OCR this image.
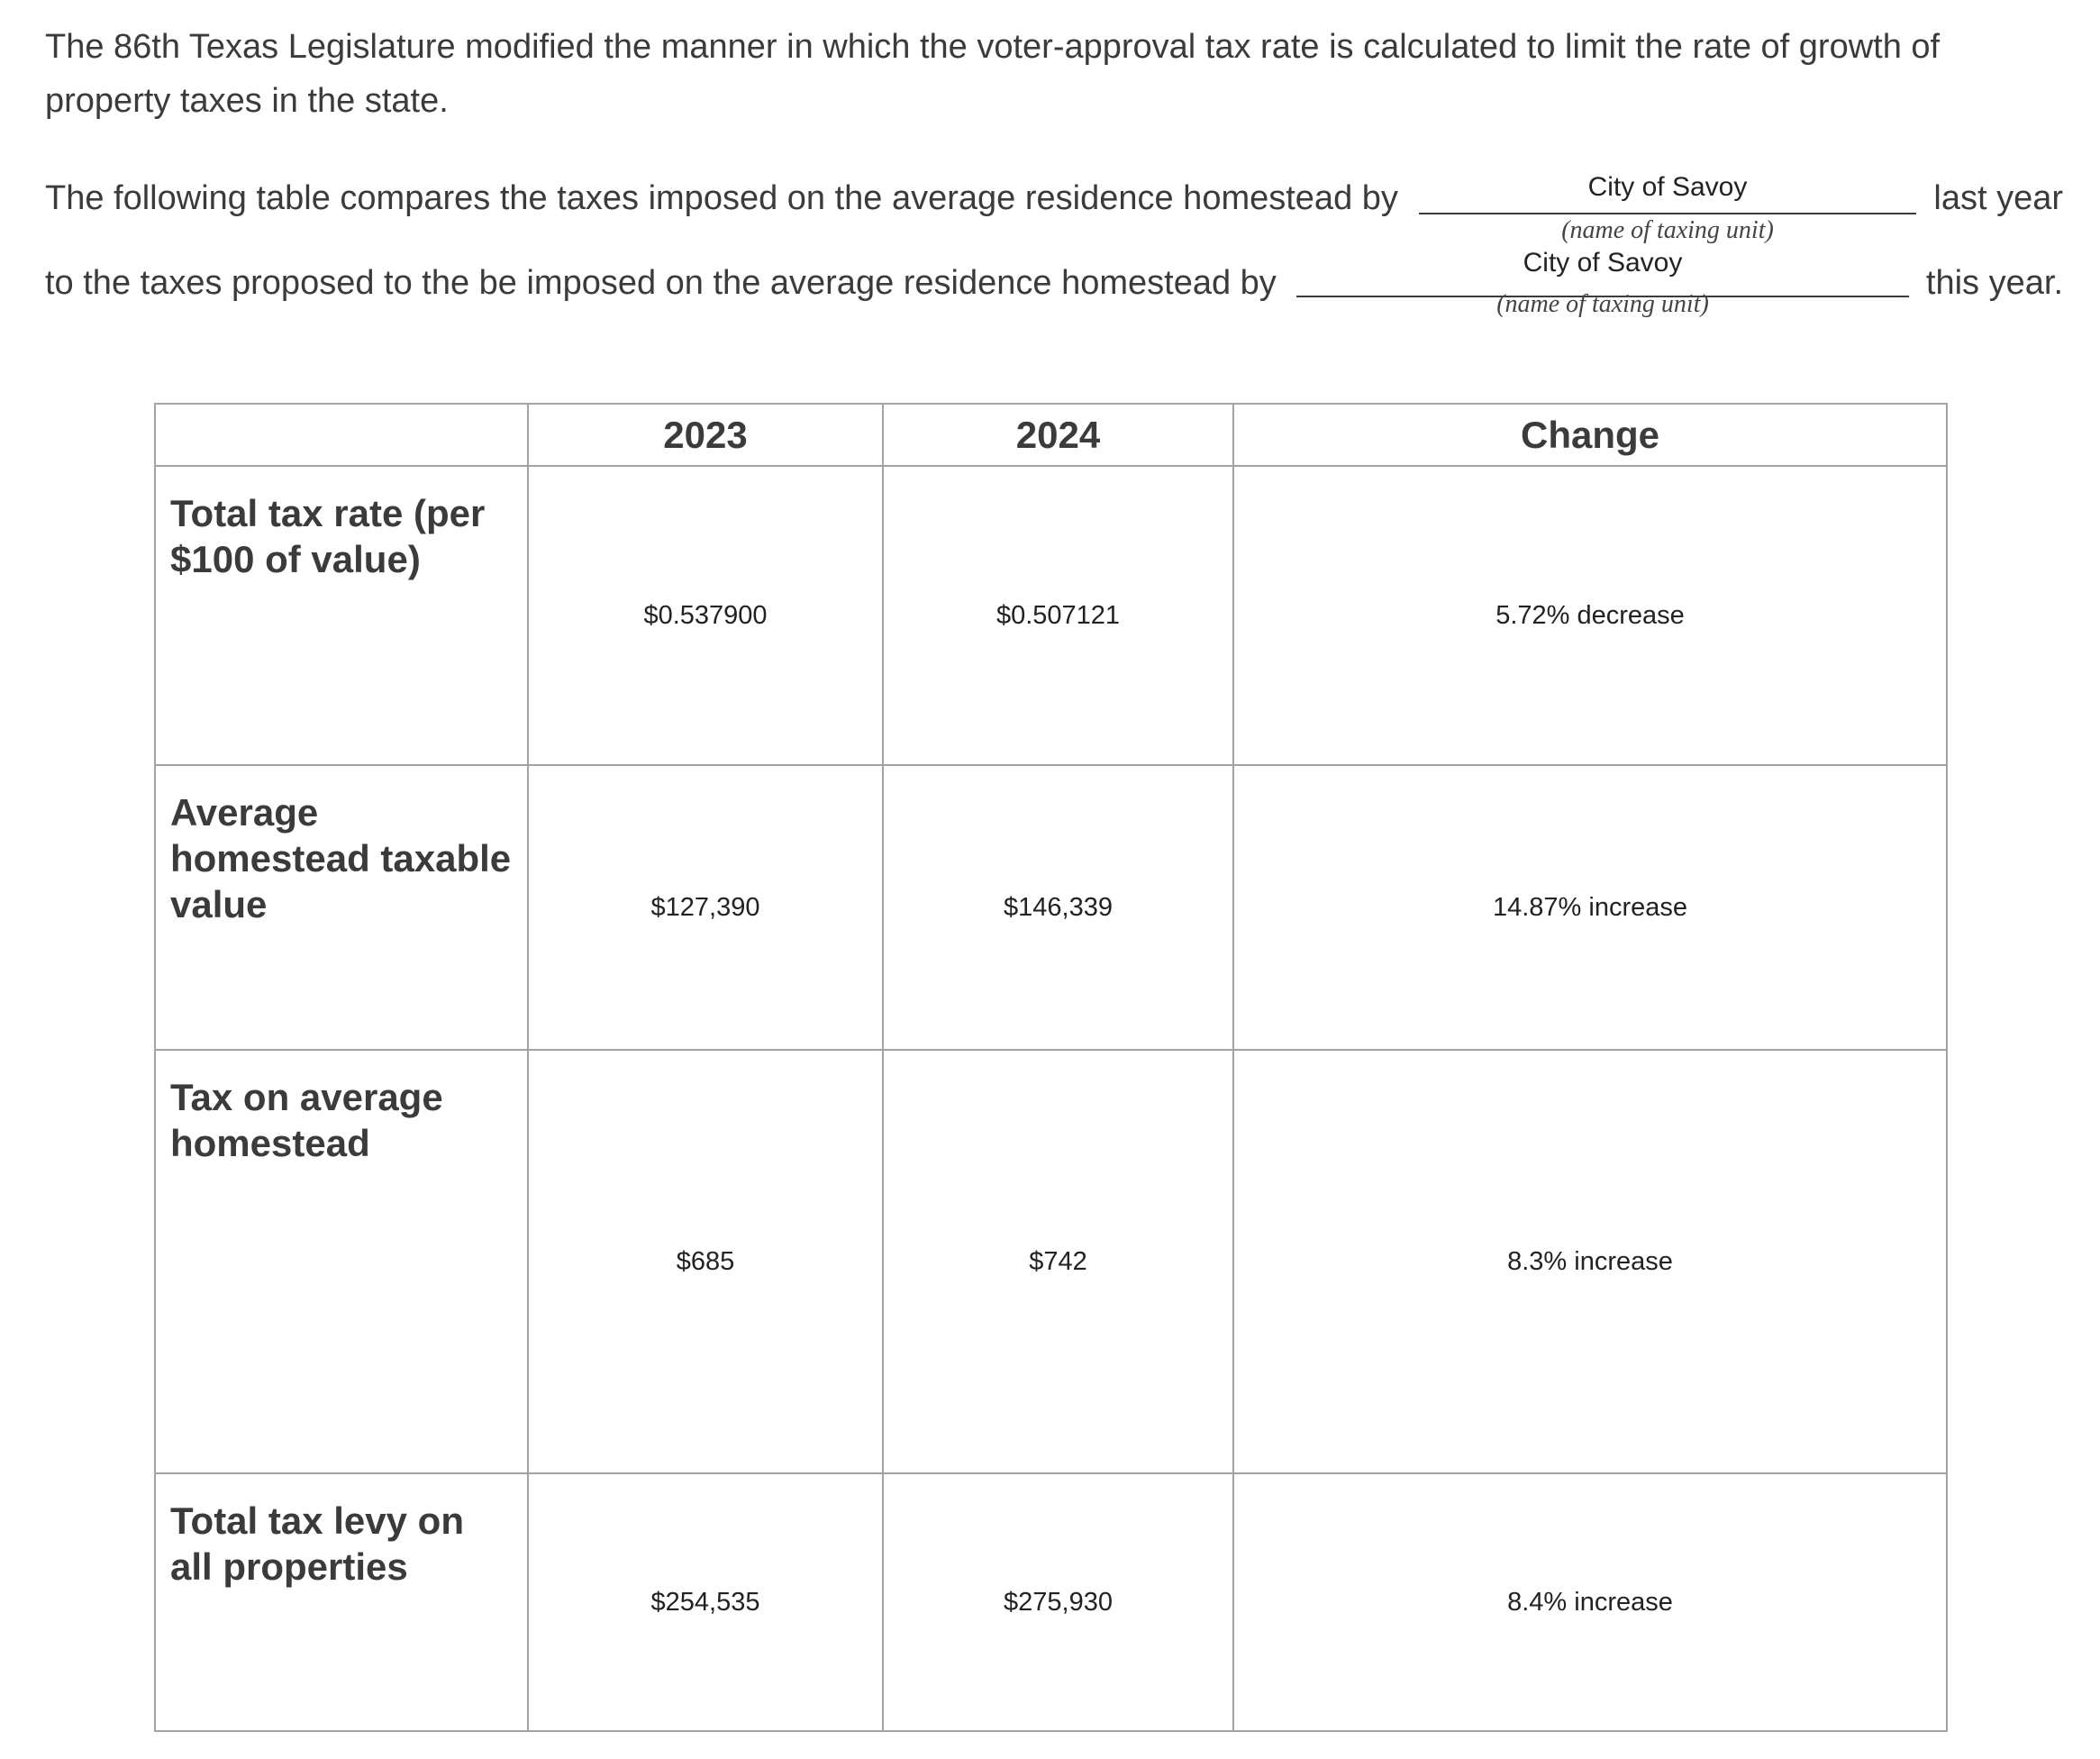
The 86th Texas Legislature modified the manner in which the voter-approval tax rate is calculated to limit the rate of growth of property taxes in the state.

The following table compares the taxes imposed on the average residence homestead by	City of Savoy
(name of taxing unit)
last year
to the taxes proposed to the be imposed on the average residence homestead by
City of Savoy
(name of taxing unit)
this year.
	2023	2024	Change
Total tax rate (per $100 of value)	$0.537900	$0.507121	5.72% decrease
Average homestead taxable value	$127,390	$146,339	14.87% increase
Tax on average homestead	$685	$742	8.3% increase
Total tax levy on all properties	$254,535	$275,930	8.4% increase
